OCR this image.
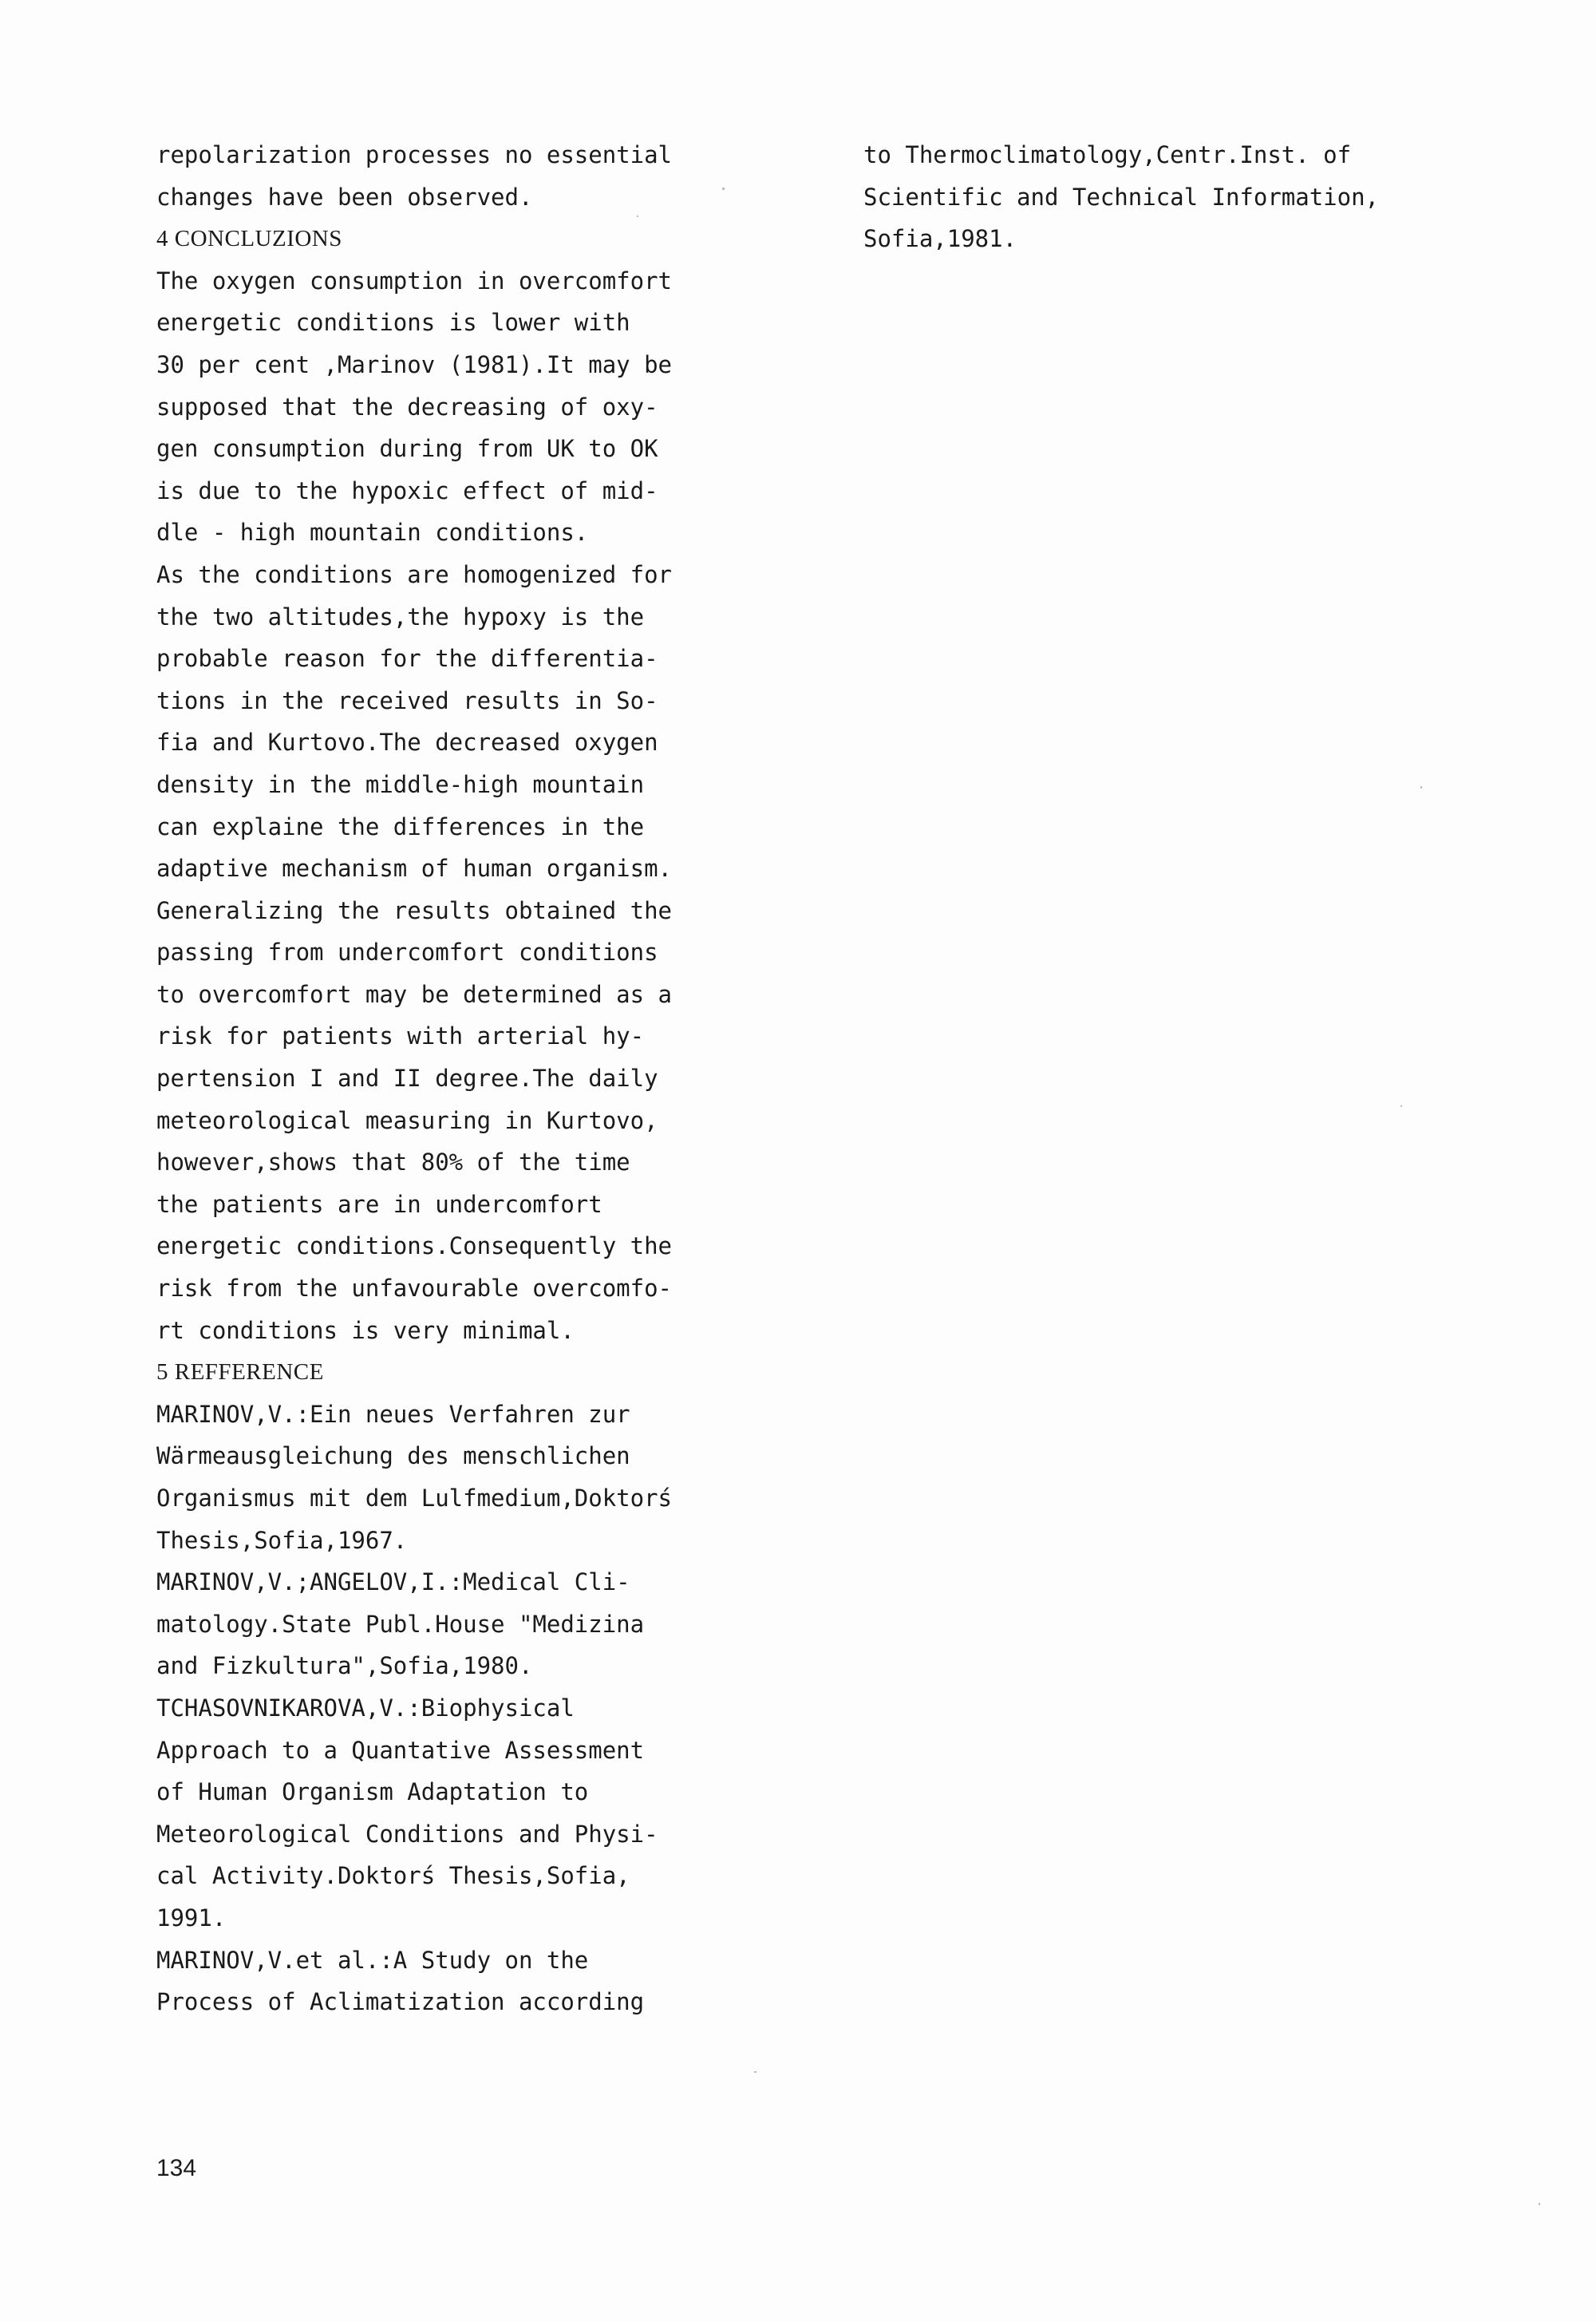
repolarization processes no essential
changes have been observed.
4 CONCLUZIONS
The oxygen consumption in overcomfort
energetic conditions is lower with
30 per cent ,Marinov (1981).It may be
supposed that the decreasing of oxy-
gen consumption during from UK to OK
is due to the hypoxic effect of mid-
dle - high mountain conditions.
As the conditions are homogenized for
the two altitudes,the hypoxy is the
probable reason for the differentia-
tions in the received results in So-
fia and Kurtovo.The decreased oxygen
density in the middle-high mountain
can explaine the differences in the
adaptive mechanism of human organism.
Generalizing the results obtained the
passing from undercomfort conditions
to overcomfort may be determined as a
risk for patients with arterial hy-
pertension I and II degree.The daily
meteorological measuring in Kurtovo,
however,shows that 80% of the time
the patients are in undercomfort
energetic conditions.Consequently the
risk from the unfavourable overcomfo-
rt conditions is very minimal.
5 REFFERENCE
MARINOV,V.:Ein neues Verfahren zur
Wärmeausgleichung des menschlichen
Organismus mit dem Lulfmedium,Doktorś
Thesis,Sofia,1967.
MARINOV,V.;ANGELOV,I.:Medical Cli-
matology.State Publ.House "Medizina
and Fizkultura",Sofia,1980.
TCHASOVNIKAROVA,V.:Biophysical
Approach to a Quantative Assessment
of Human Organism Adaptation to
Meteorological Conditions and Physi-
cal Activity.Doktorś Thesis,Sofia,
1991.
MARINOV,V.et al.:A Study on the
Process of Aclimatization according
to Thermoclimatology,Centr.Inst. of
Scientific and Technical Information,
Sofia,1981.
134
